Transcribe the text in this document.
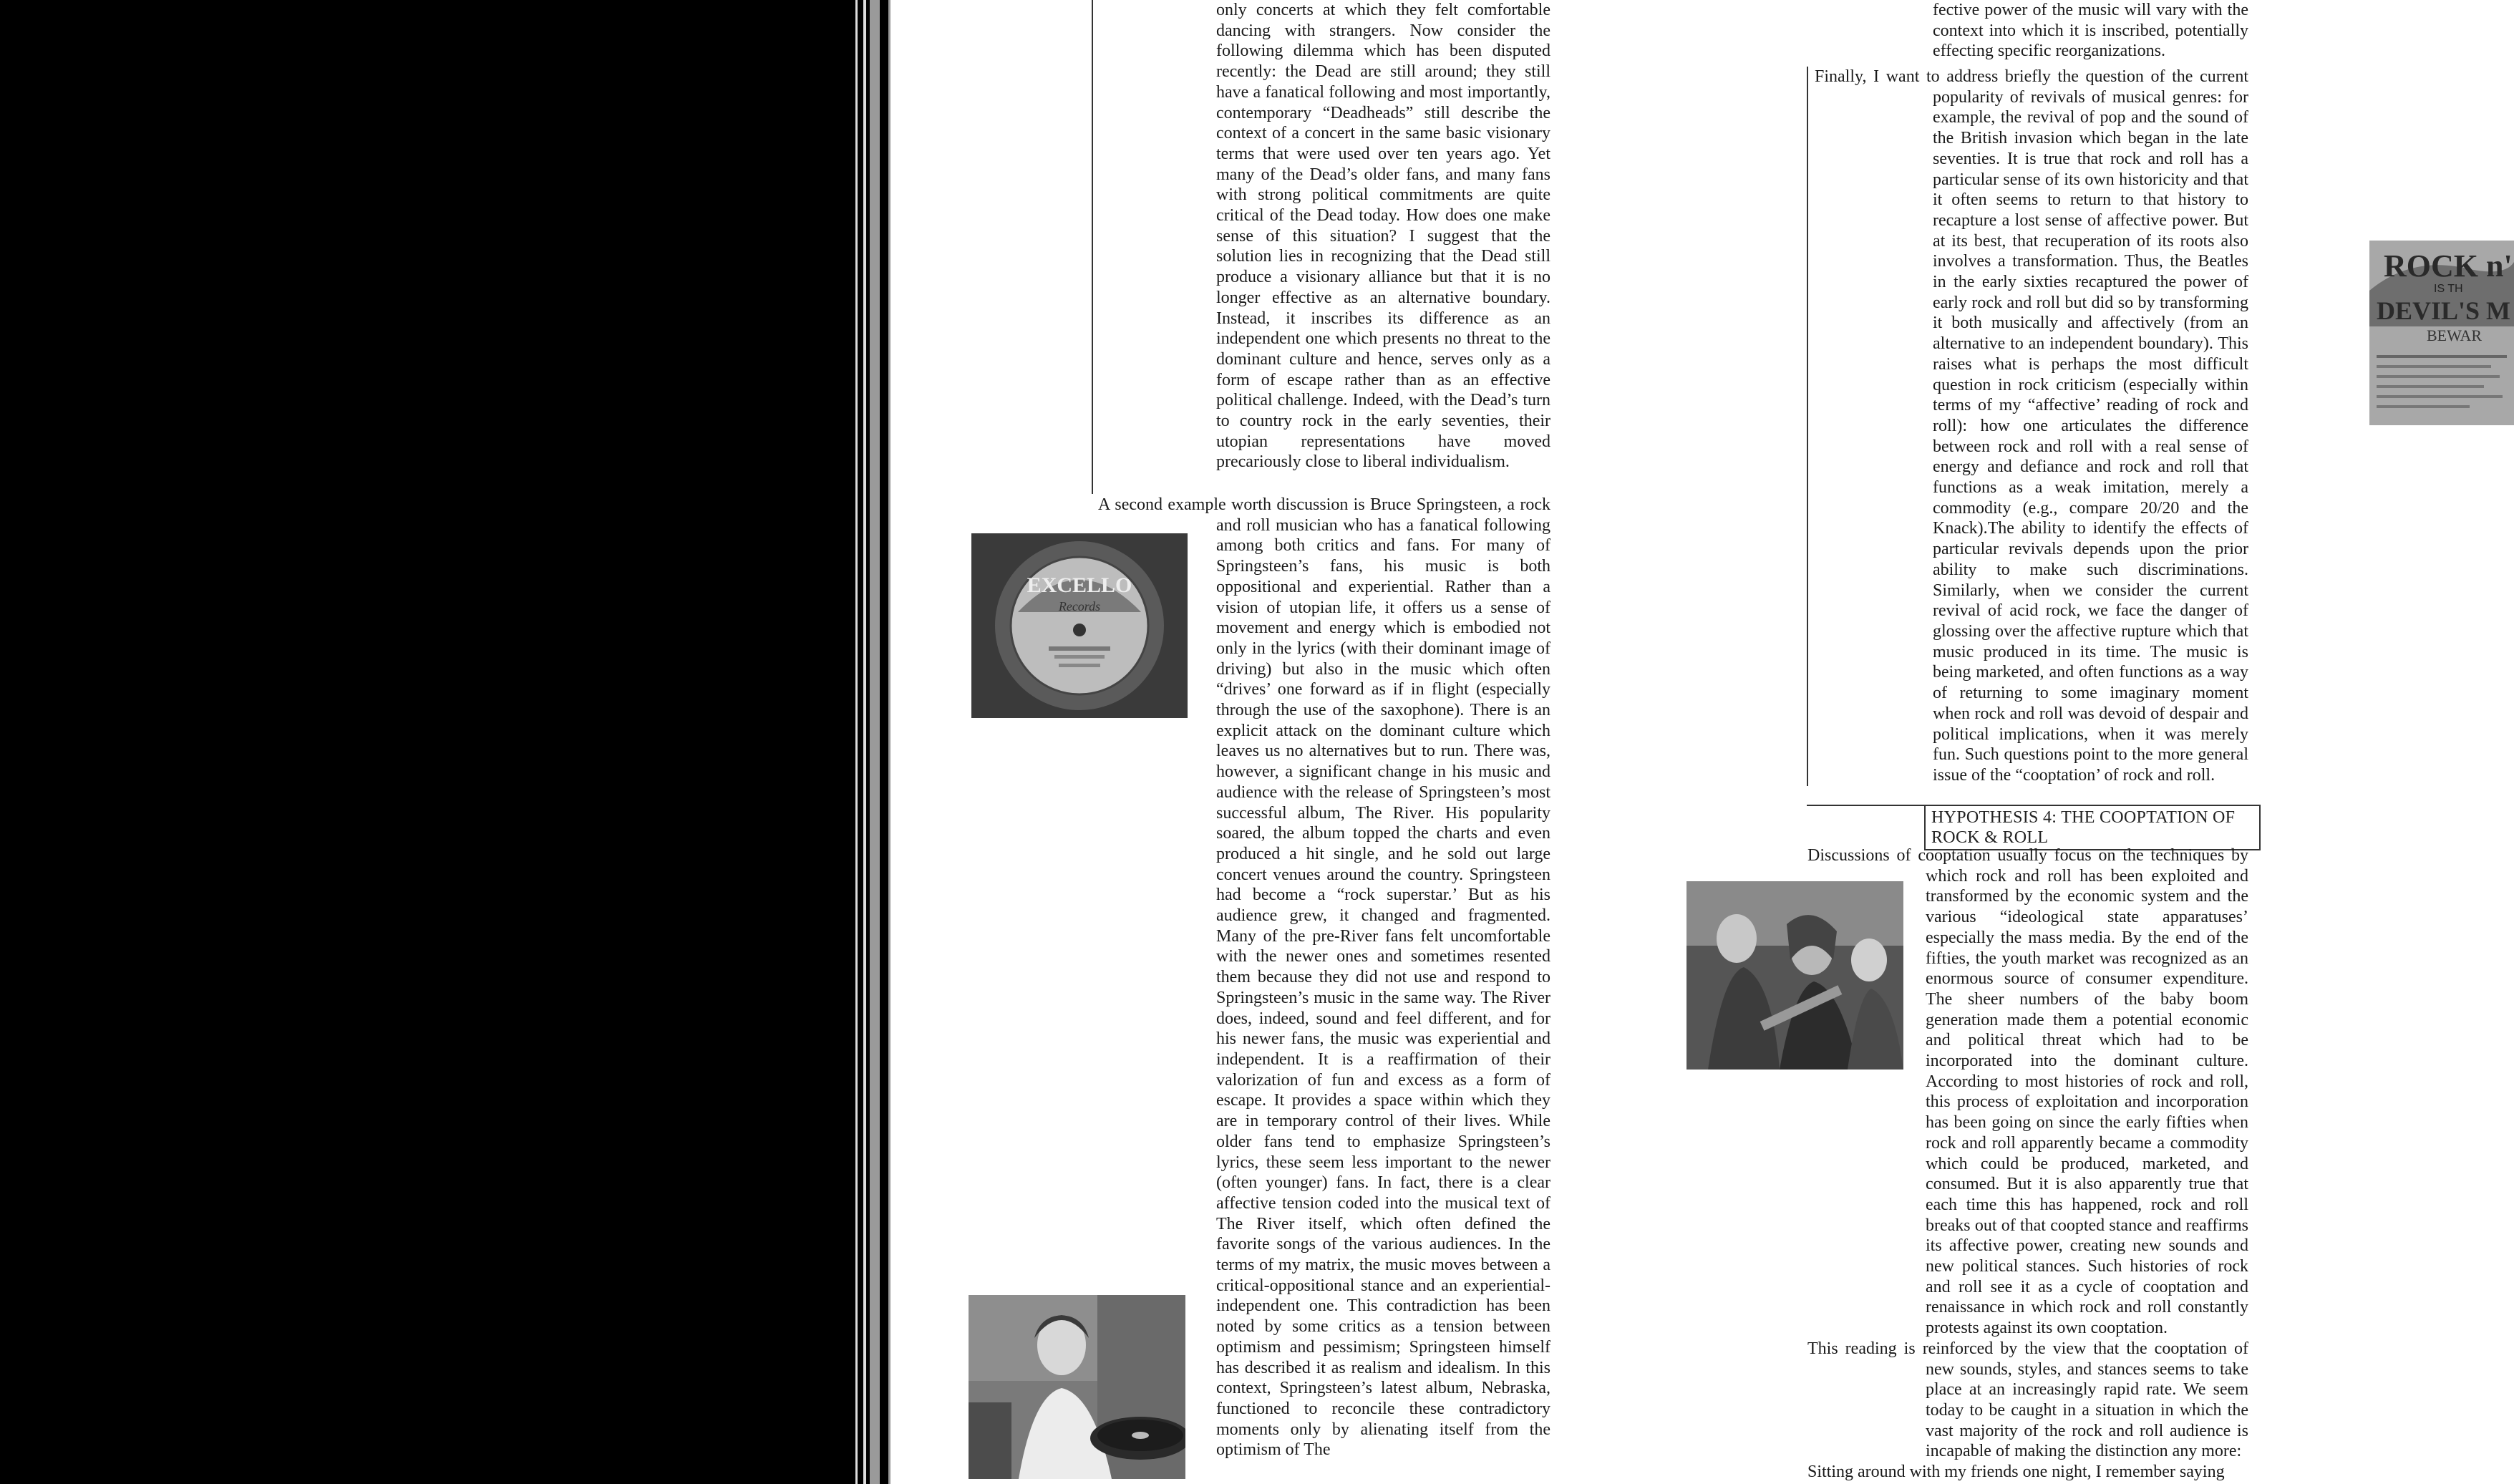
only concerts at which they felt comfortable dancing with strangers. Now consider the following dilemma which has been disputed recently: the Dead are still around; they still have a fanatical following and most importantly, contemporary “Deadheads” still describe the context of a concert in the same basic visionary terms that were used over ten years ago. Yet many of the Dead’s older fans, and many fans with strong political commitments are quite critical of the Dead today. How does one make sense of this situation? I suggest that the solution lies in recognizing that the Dead still produce a visionary alliance but that it is no longer effective as an alternative boundary. Instead, it inscribes its difference as an independent one which presents no threat to the dominant culture and hence, serves only as a form of escape rather than as an effective political challenge. Indeed, with the Dead’s turn to country rock in the early seventies, their utopian representations have moved precariously close to liberal individualism.

A second example worth discussion is Bruce Springsteen, a rock and roll musician who has a fanatical following among both critics and fans. For many of Springsteen’s fans, his music is both oppositional and experiential. Rather than a vision of utopian life, it offers us a sense of movement and energy which is embodied not only in the lyrics (with their dominant image of driving) but also in the music which often “drives’ one forward as if in flight (especially through the use of the saxophone). There is an explicit attack on the dominant culture which leaves us no alternatives but to run. There was, however, a significant change in his music and audience with the release of Springsteen’s most successful album, The River. His popularity soared, the album topped the charts and even produced a hit single, and he sold out large concert venues around the country. Springsteen had become a “rock superstar.’ But as his audience grew, it changed and fragmented. Many of the pre-River fans felt uncomfortable with the newer ones and sometimes resented them because they did not use and respond to Springsteen’s music in the same way. The River does, indeed, sound and feel different, and for his newer fans, the music was experiential and independent. It is a reaffirmation of their valorization of fun and excess as a form of escape. It provides a space within which they are in temporary control of their lives. While older fans tend to emphasize Springsteen’s lyrics, these seem less important to the newer (often younger) fans. In fact, there is a clear affective tension coded into the musical text of The River itself, which often defined the favorite songs of the various audiences. In the terms of my matrix, the music moves between a critical-oppositional stance and an experiential-independent one. This contradiction has been noted by some critics as a tension between optimism and pessimism; Springsteen himself has described it as realism and idealism. In this context, Springsteen’s latest album, Nebraska, functioned to reconcile these contradictory moments only by alienating itself from the optimism of The

EXCELLO
Records

fective power of the music will vary with the context into which it is inscribed, potentially effecting specific reorganizations.

Finally, I want to address briefly the question of the current popularity of revivals of musical genres: for example, the revival of pop and the sound of the British invasion which began in the late seventies. It is true that rock and roll has a particular sense of its own historicity and that it often seems to return to that history to recapture a lost sense of affective power. But at its best, that recuperation of its roots also involves a transformation. Thus, the Beatles in the early sixties recaptured the power of early rock and roll but did so by transforming it both musically and affectively (from an alternative to an independent boundary). This raises what is perhaps the most difficult question in rock criticism (especially within terms of my “affective’ reading of rock and roll): how one articulates the difference between rock and roll with a real sense of energy and defiance and rock and roll that functions as a weak imitation, merely a commodity (e.g., compare 20/20 and the Knack).The ability to identify the effects of particular revivals depends upon the prior ability to make such discriminations. Similarly, when we consider the current revival of acid rock, we face the danger of glossing over the affective rupture which that music produced in its time. The music is being marketed, and often functions as a way of returning to some imaginary moment when rock and roll was devoid of despair and political implications, when it was merely fun. Such questions point to the more general issue of the “cooptation’ of rock and roll.

HYPOTHESIS 4: THE COOPTATION OF ROCK & ROLL

Discussions of cooptation usually focus on the techniques by which rock and roll has been exploited and transformed by the economic system and the various “ideological state apparatuses’ especially the mass media. By the end of the fifties, the youth market was recognized as an enormous source of consumer expenditure. The sheer numbers of the baby boom generation made them a potential economic and political threat which had to be incorporated into the dominant culture. According to most histories of rock and roll, this process of exploitation and incorporation has been going on since the early fifties when rock and roll apparently became a commodity which could be produced, marketed, and consumed. But it is also apparently true that each time this has happened, rock and roll breaks out of that coopted stance and reaffirms its affective power, creating new sounds and new political stances. Such histories of rock and roll see it as a cycle of cooptation and renaissance in which rock and roll constantly protests against its own cooptation.

This reading is reinforced by the view that the cooptation of new sounds, styles, and stances seems to take place at an increasingly rapid rate. We seem today to be caught in a situation in which the vast majority of the rock and roll audience is incapable of making the distinction any more:

Sitting around with my friends one night, I remember saying

ROCK n'
IS TH
DEVIL'S M
BEWAR
